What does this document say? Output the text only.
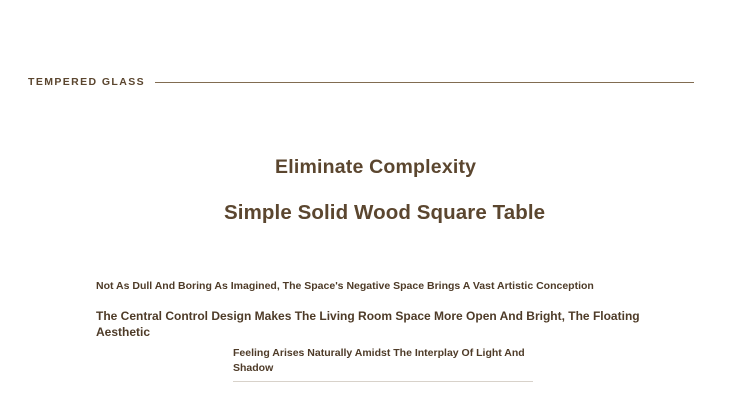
TEMPERED GLASS
Eliminate Complexity
Simple Solid Wood Square Table
Not As Dull And Boring As Imagined, The Space's Negative Space Brings A Vast Artistic Conception
The Central Control Design Makes The Living Room Space More Open And Bright, The Floating Aesthetic
Feeling Arises Naturally Amidst The Interplay Of Light And Shadow
